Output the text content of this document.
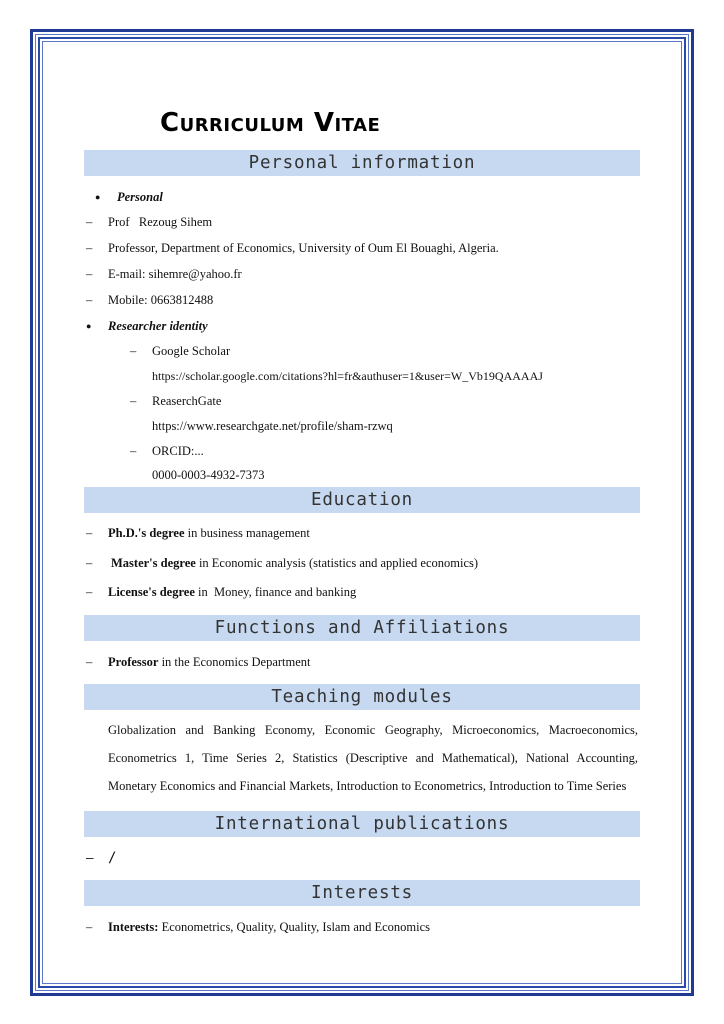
Curriculum Vitae
Personal information
● Personal
– Prof   Rezoug Sihem
– Professor, Department of Economics, University of Oum El Bouaghi, Algeria.
– E-mail: sihemre@yahoo.fr
– Mobile: 0663812488
● Researcher identity
– Google Scholar
https://scholar.google.com/citations?hl=fr&authuser=1&user=W_Vb19QAAAAJ
– ReaserchGate
https://www.researchgate.net/profile/sham-rzwq
– ORCID:...
0000-0003-4932-7373
Education
– Ph.D.'s degree in business management
– Master's degree in Economic analysis (statistics and applied economics)
– License's degree in  Money, finance and banking
Functions and Affiliations
– Professor in the Economics Department
Teaching modules
Globalization and Banking Economy, Economic Geography, Microeconomics, Macroeconomics,
Econometrics 1, Time Series 2, Statistics (Descriptive and Mathematical), National Accounting,
Monetary Economics and Financial Markets, Introduction to Econometrics, Introduction to Time Series
International publications
– /
Interests
– Interests: Econometrics, Quality, Quality, Islam and Economics
